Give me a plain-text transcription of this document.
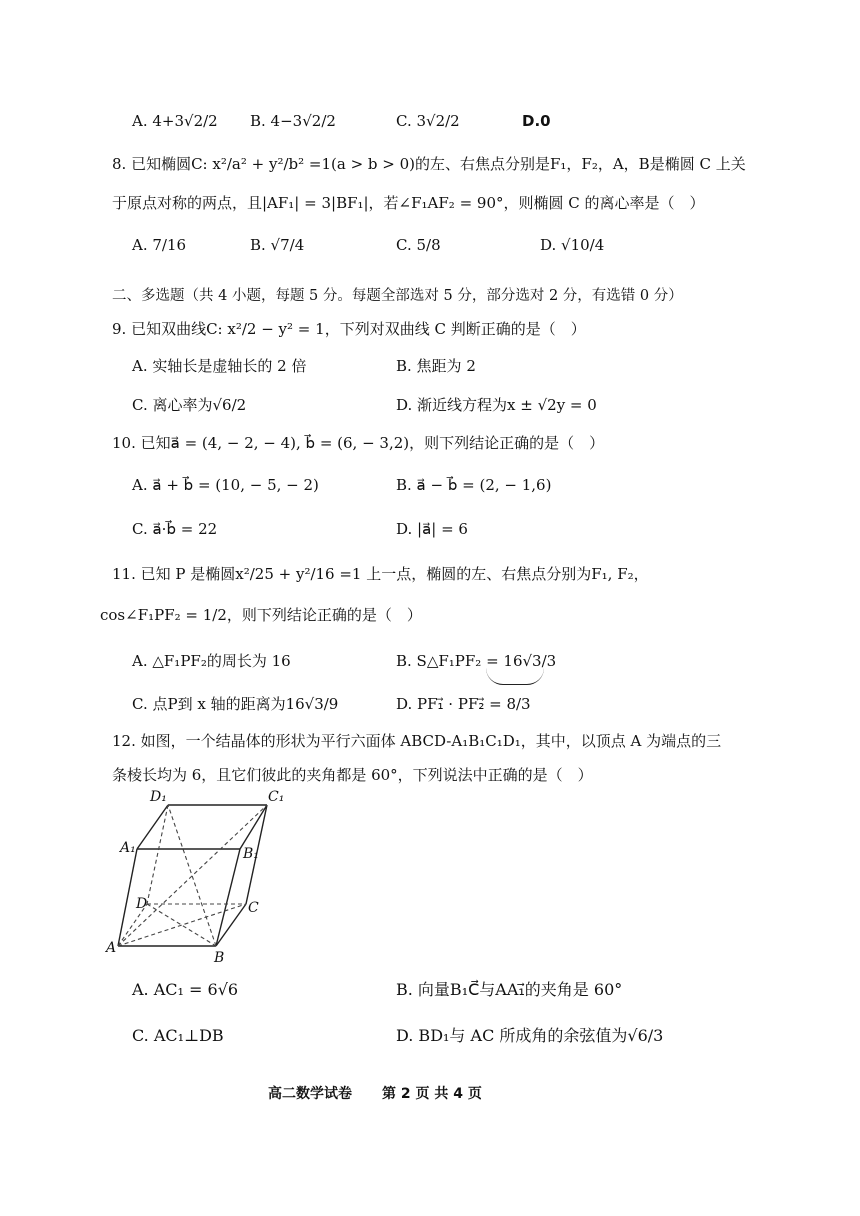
A. 4+3√2/2 B. 4−3√2/2	C. 3√2/2	D.0
8. 已知椭圆C: x²/a² + y²/b² =1(a > b > 0)的左、右焦点分别是F₁，F₂，A，B是椭圆 C 上关
于原点对称的两点，且|AF₁| = 3|BF₁|，若∠F₁AF₂ = 90°，则椭圆 C 的离心率是（　）
A. 7/16	B. √7/4	C. 5/8	D. √10/4
二、多选题（共 4 小题，每题 5 分。每题全部选对 5 分，部分选对 2 分，有选错 0 分）
9. 已知双曲线C: x²/2 − y² = 1，下列对双曲线 C 判断正确的是（　）
A. 实轴长是虚轴长的 2 倍	B. 焦距为 2
C. 离心率为√6/2	D. 渐近线方程为x ± √2y = 0
10. 已知a⃗ = (4, − 2, − 4), b⃗ = (6, − 3,2)，则下列结论正确的是（　）
A. a⃗ + b⃗ = (10, − 5, − 2)	B. a⃗ − b⃗ = (2, − 1,6)
C. a⃗·b⃗ = 22	D. |a⃗| = 6
11. 已知 P 是椭圆x²/25 + y²/16 =1 上一点，椭圆的左、右焦点分别为F₁, F₂，
cos∠F₁PF₂ = 1/2，则下列结论正确的是（　）
A. △F₁PF₂的周长为 16	B. S△F₁PF₂ = 16√3/3
C. 点P到 x 轴的距离为16√3/9	D. PF₁⃗ · PF₂⃗ = 8/3
12. 如图，一个结晶体的形状为平行六面体 ABCD-A₁B₁C₁D₁，其中，以顶点 A 为端点的三
条棱长均为 6，且它们彼此的夹角都是 60°，下列说法中正确的是（　）
D₁	C₁
A₁	B₁
D	C
A
B
A. AC₁ = 6√6	B. 向量B₁C⃗与AA₁⃗的夹角是 60°
C. AC₁⊥DB	D. BD₁与 AC 所成角的余弦值为√6/3
高二数学试卷 第 2 页 共 4 页
